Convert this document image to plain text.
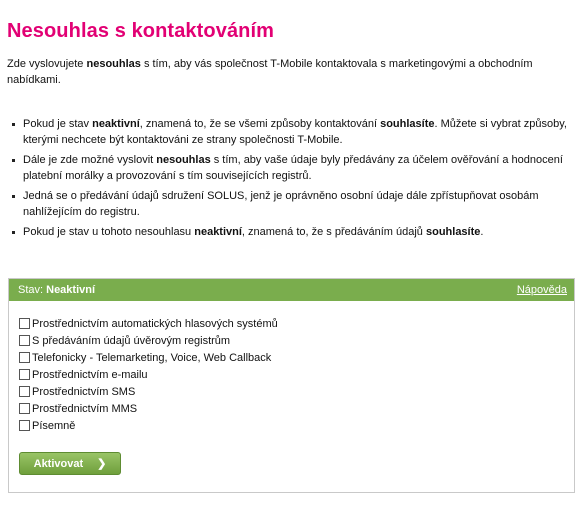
Nesouhlas s kontaktováním

Zde vyslovujete nesouhlas s tím, aby vás společnost T-Mobile kontaktovala s marketingovými a obchodním nabídkami.

Pokud je stav neaktivní, znamená to, že se všemi způsoby kontaktování souhlasíte. Můžete si vybrat způsoby, kterými nechcete být kontaktováni ze strany společnosti T-Mobile.
Dále je zde možné vyslovit nesouhlas s tím, aby vaše údaje byly předávány za účelem ověřování a hodnocení platební morálky a provozování s tím souvisejících registrů.
Jedná se o předávání údajů sdružení SOLUS, jenž je oprávněno osobní údaje dále zpřístupňovat osobám nahlížejícím do registru.
Pokud je stav u tohoto nesouhlasu neaktivní, znamená to, že s předáváním údajů souhlasíte.
Stav: Neaktivní	Nápověda
Prostřednictvím automatických hlasových systémů
S předáváním údajů úvěrovým registrům
Telefonicky - Telemarketing, Voice, Web Callback
Prostřednictvím e-mailu
Prostřednictvím SMS
Prostřednictvím MMS
Písemně
Aktivovat ❯
